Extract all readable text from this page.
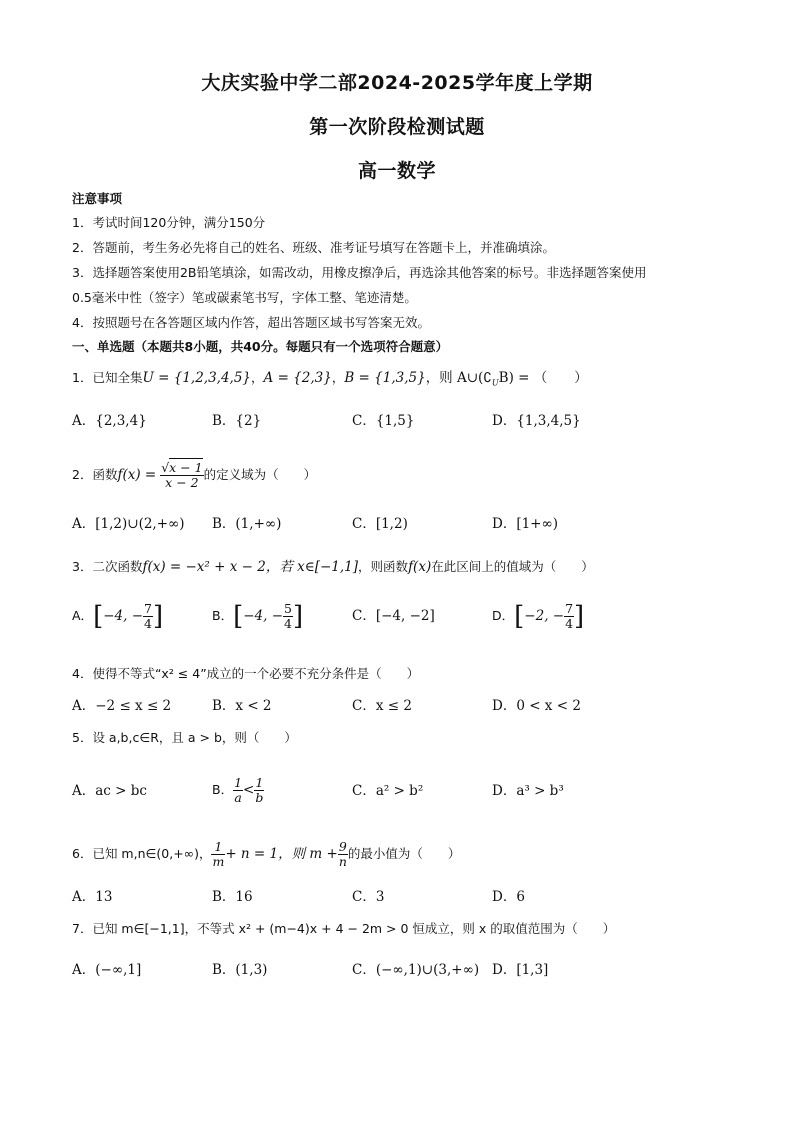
大庆实验中学二部2024-2025学年度上学期
第一次阶段检测试题
高一数学
注意事项
1．考试时间120分钟，满分150分
2．答题前，考生务必先将自己的姓名、班级、准考证号填写在答题卡上，并准确填涂。
3．选择题答案使用2B铅笔填涂，如需改动，用橡皮擦净后，再选涂其他答案的标号。非选择题答案使用
0.5毫米中性（签字）笔或碳素笔书写，字体工整、笔迹清楚。
4．按照题号在各答题区域内作答，超出答题区域书写答案无效。
一、单选题（本题共8小题，共40分。每题只有一个选项符合题意）
1．已知全集U = {1,2,3,4,5}，A = {2,3}，B = {1,3,5}，则 $A\cup(∁_UB)$ = （　　）
A．{2,3,4}	B．{2}	C．{1,5}	D．{1,3,4,5}
2．函数$f(x) = \frac{√x - 1}{x - 2}$ 的定义域为（　　）
A．[1,2)∪(2,+∞) B．(1,+∞)	C．[1,2)	D．[1+∞)
3．二次函数f(x) = −x² + x − 2，若 x∈[−1,1]，则函数f(x)在此区间上的值域为（　　）
A．[−4, − $\frac{7}{4}$ ]	B．[−4, − $\frac{5}{4}$ ]	C．[−4, −2]	D．[−2, − $\frac{7}{4}$ ]
4．使得不等式“x² ≤ 4”成立的一个必要不充分条件是（　　）
A．−2 ≤ x ≤ 2	B．x < 2	C．x ≤ 2	D．0 < x < 2
5．设 a,b,c∈R，且 a > b，则（　　）
A．ac > bc	B． $\frac{1}{a} < \frac{1}{b}$	C．a² > b²	D．a³ > b³
6．已知 m,n∈(0,+∞)， $\frac{1}{m} + n = 1$，则 $m + \frac{9}{n}$ 的最小值为（　　）
A．13	B．16	C．3	D．6
7．已知 m∈[−1,1]，不等式 x² + (m−4)x + 4 − 2m > 0 恒成立，则 x 的取值范围为（　　）
A．(−∞,1]	B．(1,3)	C．(−∞,1)∪(3,+∞) D．[1,3]
